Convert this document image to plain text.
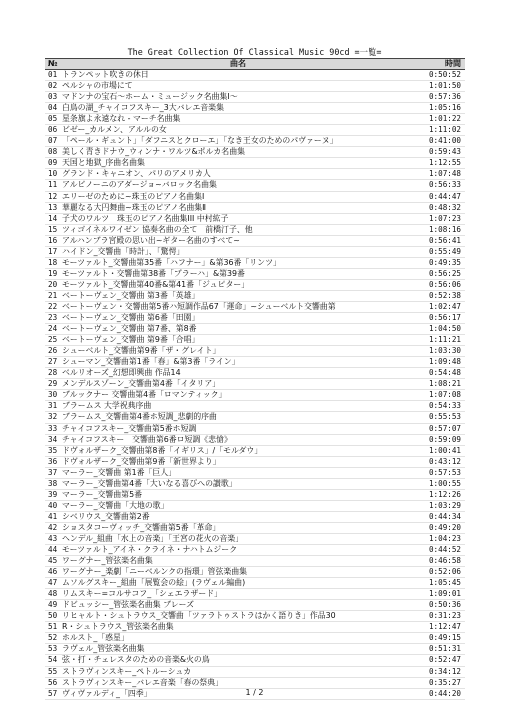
The Great Collection Of Classical Music 90cd =一覧=
№	曲名	時間
01	トランペット吹きの休日	0:50:52
02	ペルシャの市場にて	1:01:50
03	マドンナの宝石～ホーム・ミュージック名曲集Ⅰ～	0:57:36
04	白鳥の湖_チャイコフスキー_3大バレエ音楽集	1:05:16
05	星条旗よ永遠なれ - マーチ名曲集	1:01:22
06	ビゼー_カルメン、アルルの女	1:11:02
07	「ペール・ギュント」「ダフニスとクローエ」「なき王女のためのパヴァーヌ」	0:41:00
08	美しく青きドナウ_ウィンナ・ワルツ&ポルカ名曲集	0:59:43
09	天国と地獄_序曲名曲集	1:12:55
10	グランド・キャニオン、パリのアメリカ人	1:07:48
11	アルビノーニのアダージョ~バロック名曲集	0:56:33
12	エリーゼのために~珠玉のピアノ名曲集Ⅰ	0:44:47
13	華麗なる大円舞曲~珠玉のピアノ名曲集Ⅱ	0:48:32
14	子犬のワルツ　珠玉のピアノ名曲集III 中村紘子	1:07:23
15	ツィゴイネルワイゼン 協奏名曲の全て　前橋汀子、他	1:08:16
16	アルハンブラ宮殿の思い出~ギター名曲のすべて~	0:56:41
17	ハイドン_交響曲「時計」、「驚愕」	0:55:49
18	モーツァルト_交響曲第35番「ハフナー」&第36番「リンツ」	0:49:35
19	モーツァルト・交響曲第38番「プラーハ」&第39番	0:56:25
20	モーツァルト_交響曲第40番&第41番「ジュピター」	0:56:06
21	ベートーヴェン_交響曲 第3番「英雄」	0:52:38
22	ベートーヴェン・交響曲第5番ハ短調作品67「運命」~シューベルト交響曲第	1:02:47
23	ベートーヴェン_交響曲 第6番「田園」	0:56:17
24	ベートーヴェン_交響曲 第7番、第8番	1:04:50
25	ベートーヴェン_交響曲 第9番「合唱」	1:11:21
26	シューベルト_交響曲第9番「ザ・グレイト」	1:03:30
27	シューマン_交響曲第1番「春」&第3番「ライン」	1:09:48
28	ベルリオーズ_幻想即興曲 作品14	0:54:48
29	メンデルスゾーン_交響曲第4番「イタリア」	1:08:21
30	ブルックナー 交響曲第4番「ロマンティック」	1:07:08
31	ブラームス 大学祝典序曲	0:54:33
32	ブラームス_交響曲第4番ホ短調_悲劇的序曲	0:55:53
33	チャイコフスキー_交響曲第5番ホ短調	0:57:07
34	チャイコフスキー　交響曲第6番ロ短調《悲愴》	0:59:09
35	ドヴォルザーク_交響曲第8番「イギリス」/「モルダウ」	1:00:41
36	ドヴォルザーク_交響曲第9番「新世界より」	0:43:12
37	マーラー_交響曲 第1番「巨人」	0:57:53
38	マーラー_交響曲第4番「大いなる喜びへの讃歌」	1:00:55
39	マーラー_交響曲第5番	1:12:26
40	マーラー_交響曲「大地の歌」	1:03:29
41	シベリウス_交響曲第2番	0:44:34
42	ショスタコーヴィッチ_交響曲第5番「革命」	0:49:20
43	ヘンデル_組曲「水上の音楽」「王宮の花火の音楽」	1:04:23
44	モーツァルト_アイネ・クライネ・ナハトムジーク	0:44:52
45	ワーグナー_管弦楽名曲集	0:46:58
46	ワーグナー_楽劇「ニーベルンクの指環」管弦楽曲集	0:52:06
47	ムソルグスキー_組曲「展覧会の絵」(ラヴェル編曲)	1:05:45
48	リムスキー=コルサコフ_「シェエラザード」	1:09:01
49	ドビュッシー_管弦楽名曲集 ブレーズ	0:50:36
50	リヒャルト・シュトラウス_交響曲「ツァラトゥストラはかく語りき」作品30	0:31:23
51	R・シュトラウス_管弦楽名曲集	1:12:47
52	ホルスト_「惑星」	0:49:15
53	ラヴェル_管弦楽名曲集	0:51:31
54	弦・打・チェレスタのための音楽&火の鳥	0:52:47
55	ストラヴィンスキー_ペトルーシュカ	0:34:12
56	ストラヴィンスキー_バレエ音楽「春の祭典」	0:35:27
57	ヴィヴァルディ_「四季」	0:44:20
1 / 2
